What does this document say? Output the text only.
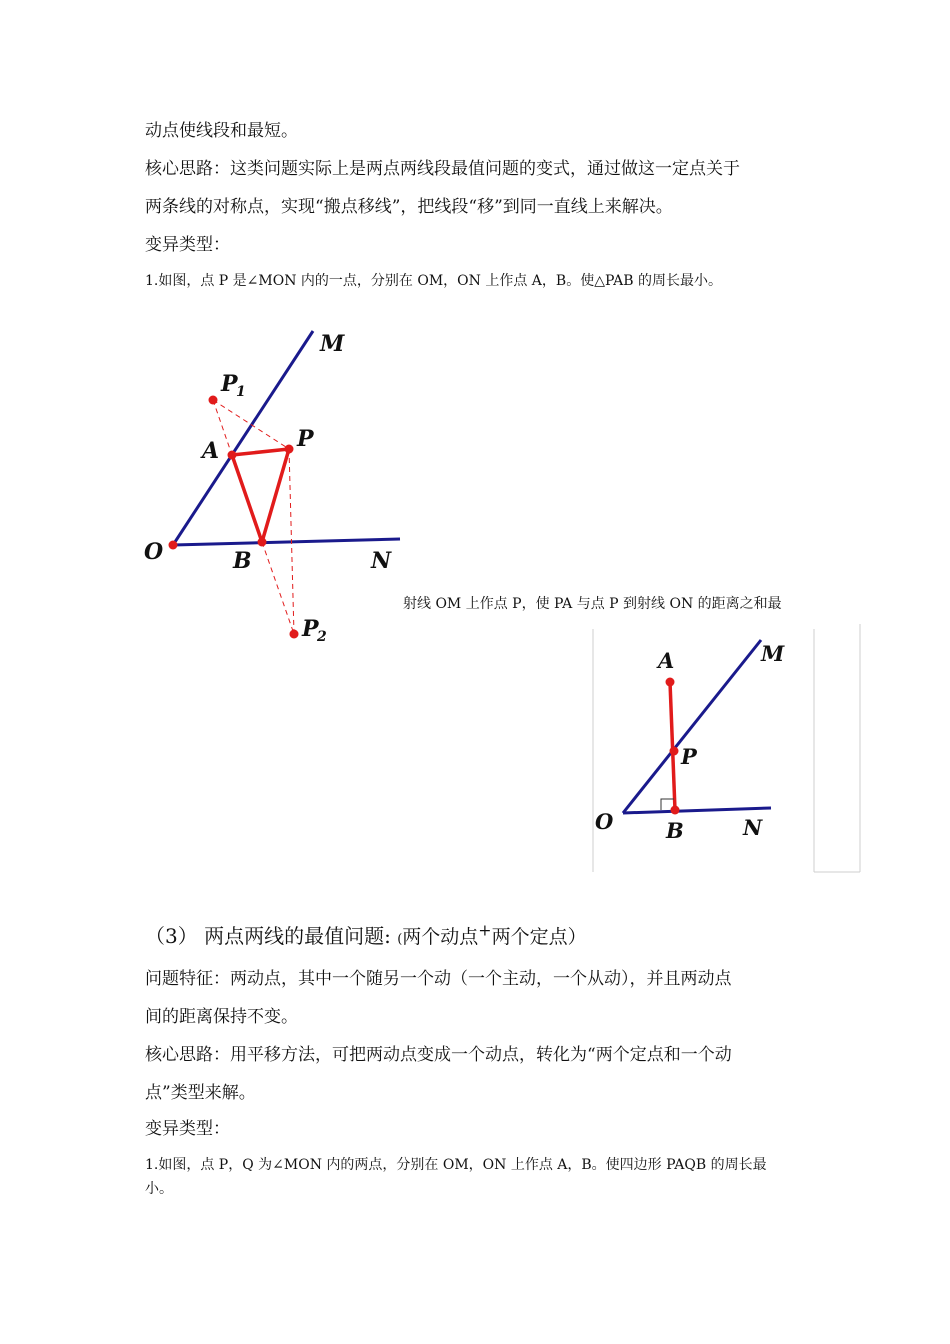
动点使线段和最短。
核心思路：这类问题实际上是两点两线段最值问题的变式，通过做这一定点关于
两条线的对称点，实现“搬点移线”，把线段“移”到同一直线上来解决。
变异类型：
1.如图，点 P 是∠MON 内的一点，分别在 OM，ON 上作点 A，B。使△PAB 的周长最小。
M
N
O
A
B
P
P
1
P
2
射线 OM 上作点 P，使 PA 与点 P 到射线 ON 的距离之和最
A	M
P
O	B	N
（3） 两点两线的最值问题: (两个动点+两个定点）
问题特征：两动点，其中一个随另一个动（一个主动，一个从动），并且两动点
间的距离保持不变。
核心思路：用平移方法，可把两动点变成一个动点，转化为“两个定点和一个动
点”类型来解。
变异类型：
1.如图，点 P，Q 为∠MON 内的两点，分别在 OM，ON 上作点 A，B。使四边形 PAQB 的周长最
小。
